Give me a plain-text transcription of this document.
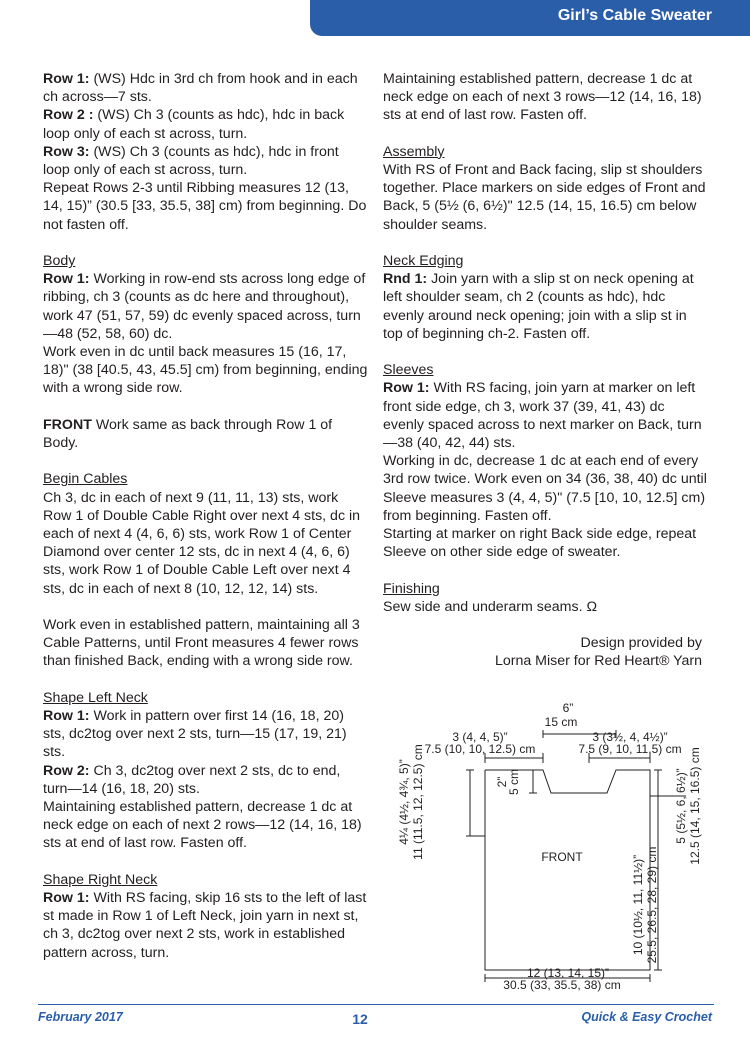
Girl’s Cable Sweater

Row 1: (WS) Hdc in 3rd ch from hook and in each ch across—7 sts.

Row 2 : (WS) Ch 3 (counts as hdc), hdc in back loop only of each st across, turn.

Row 3: (WS) Ch 3 (counts as hdc), hdc in front loop only of each st across, turn.

Repeat Rows 2-3 until Ribbing measures 12 (13, 14, 15)” (30.5 [33, 35.5, 38] cm) from beginning. Do not fasten off.

Body

Row 1: Working in row-end sts across long edge of ribbing, ch 3 (counts as dc here and throughout), work 47 (51, 57, 59) dc evenly spaced across, turn—48 (52, 58, 60) dc.

Work even in dc until back measures 15 (16, 17, 18)" (38 [40.5, 43, 45.5] cm) from beginning, ending with a wrong side row.

FRONT Work same as back through Row 1 of Body.

Begin Cables

Ch 3, dc in each of next 9 (11, 11, 13) sts, work Row 1 of Double Cable Right over next 4 sts, dc in each of next 4 (4, 6, 6) sts, work Row 1 of Center Diamond over center 12 sts, dc in next 4 (4, 6, 6) sts, work Row 1 of Double Cable Left over next 4 sts, dc in each of next 8 (10, 12, 12, 14) sts.

Work even in established pattern, maintaining all 3 Cable Patterns, until Front measures 4 fewer rows than finished Back, ending with a wrong side row.

Shape Left Neck

Row 1: Work in pattern over first 14 (16, 18, 20) sts, dc2tog over next 2 sts, turn—15 (17, 19, 21) sts.

Row 2: Ch 3, dc2tog over next 2 sts, dc to end, turn—14 (16, 18, 20) sts.

Maintaining established pattern, decrease 1 dc at neck edge on each of next 2 rows—12 (14, 16, 18) sts at end of last row. Fasten off.

Shape Right Neck

Row 1: With RS facing, skip 16 sts to the left of last st made in Row 1 of Left Neck, join yarn in next st, ch 3, dc2tog over next 2 sts, work in established pattern across, turn.

Maintaining established pattern, decrease 1 dc at neck edge on each of next 3 rows—12 (14, 16, 18) sts at end of last row. Fasten off.

Assembly

With RS of Front and Back facing, slip st shoulders together. Place markers on side edges of Front and Back, 5 (5½ (6, 6½)" 12.5 (14, 15, 16.5) cm below shoulder seams.

Neck Edging

Rnd 1: Join yarn with a slip st on neck opening at left shoulder seam, ch 2 (counts as hdc), hdc evenly around neck opening; join with a slip st in top of beginning ch-2. Fasten off.

Sleeves

Row 1: With RS facing, join yarn at marker on left front side edge, ch 3, work 37 (39, 41, 43) dc evenly spaced across to next marker on Back, turn—38 (40, 42, 44) sts.

Working in dc, decrease 1 dc at each end of every 3rd row twice. Work even on 34 (36, 38, 40) dc until Sleeve measures 3 (4, 4, 5)" (7.5 [10, 10, 12.5] cm) from beginning. Fasten off.

Starting at marker on right Back side edge, repeat Sleeve on other side edge of sweater.

Finishing

Sew side and underarm seams. Ω

Design provided by
Lorna Miser for Red Heart® Yarn

6”
15 cm
3 (4, 4, 5)”
7.5 (10, 10, 12.5) cm
3 (3½, 4, 4½)”
7.5 (9, 10, 11.5) cm
FRONT
12 (13, 14, 15)”
30.5 (33, 35.5, 38) cm
2”
5 cm
4¼ (4½, 4¾, 5)” 11 (11.5, 12, 12.5) cm	5 (5½, 6, 6½)” 12.5 (14, 15, 16.5) cm
10 (10½, 11, 11½)” 25.5, 26.5, 28, 29) cm
February 2017	12	Quick & Easy Crochet
